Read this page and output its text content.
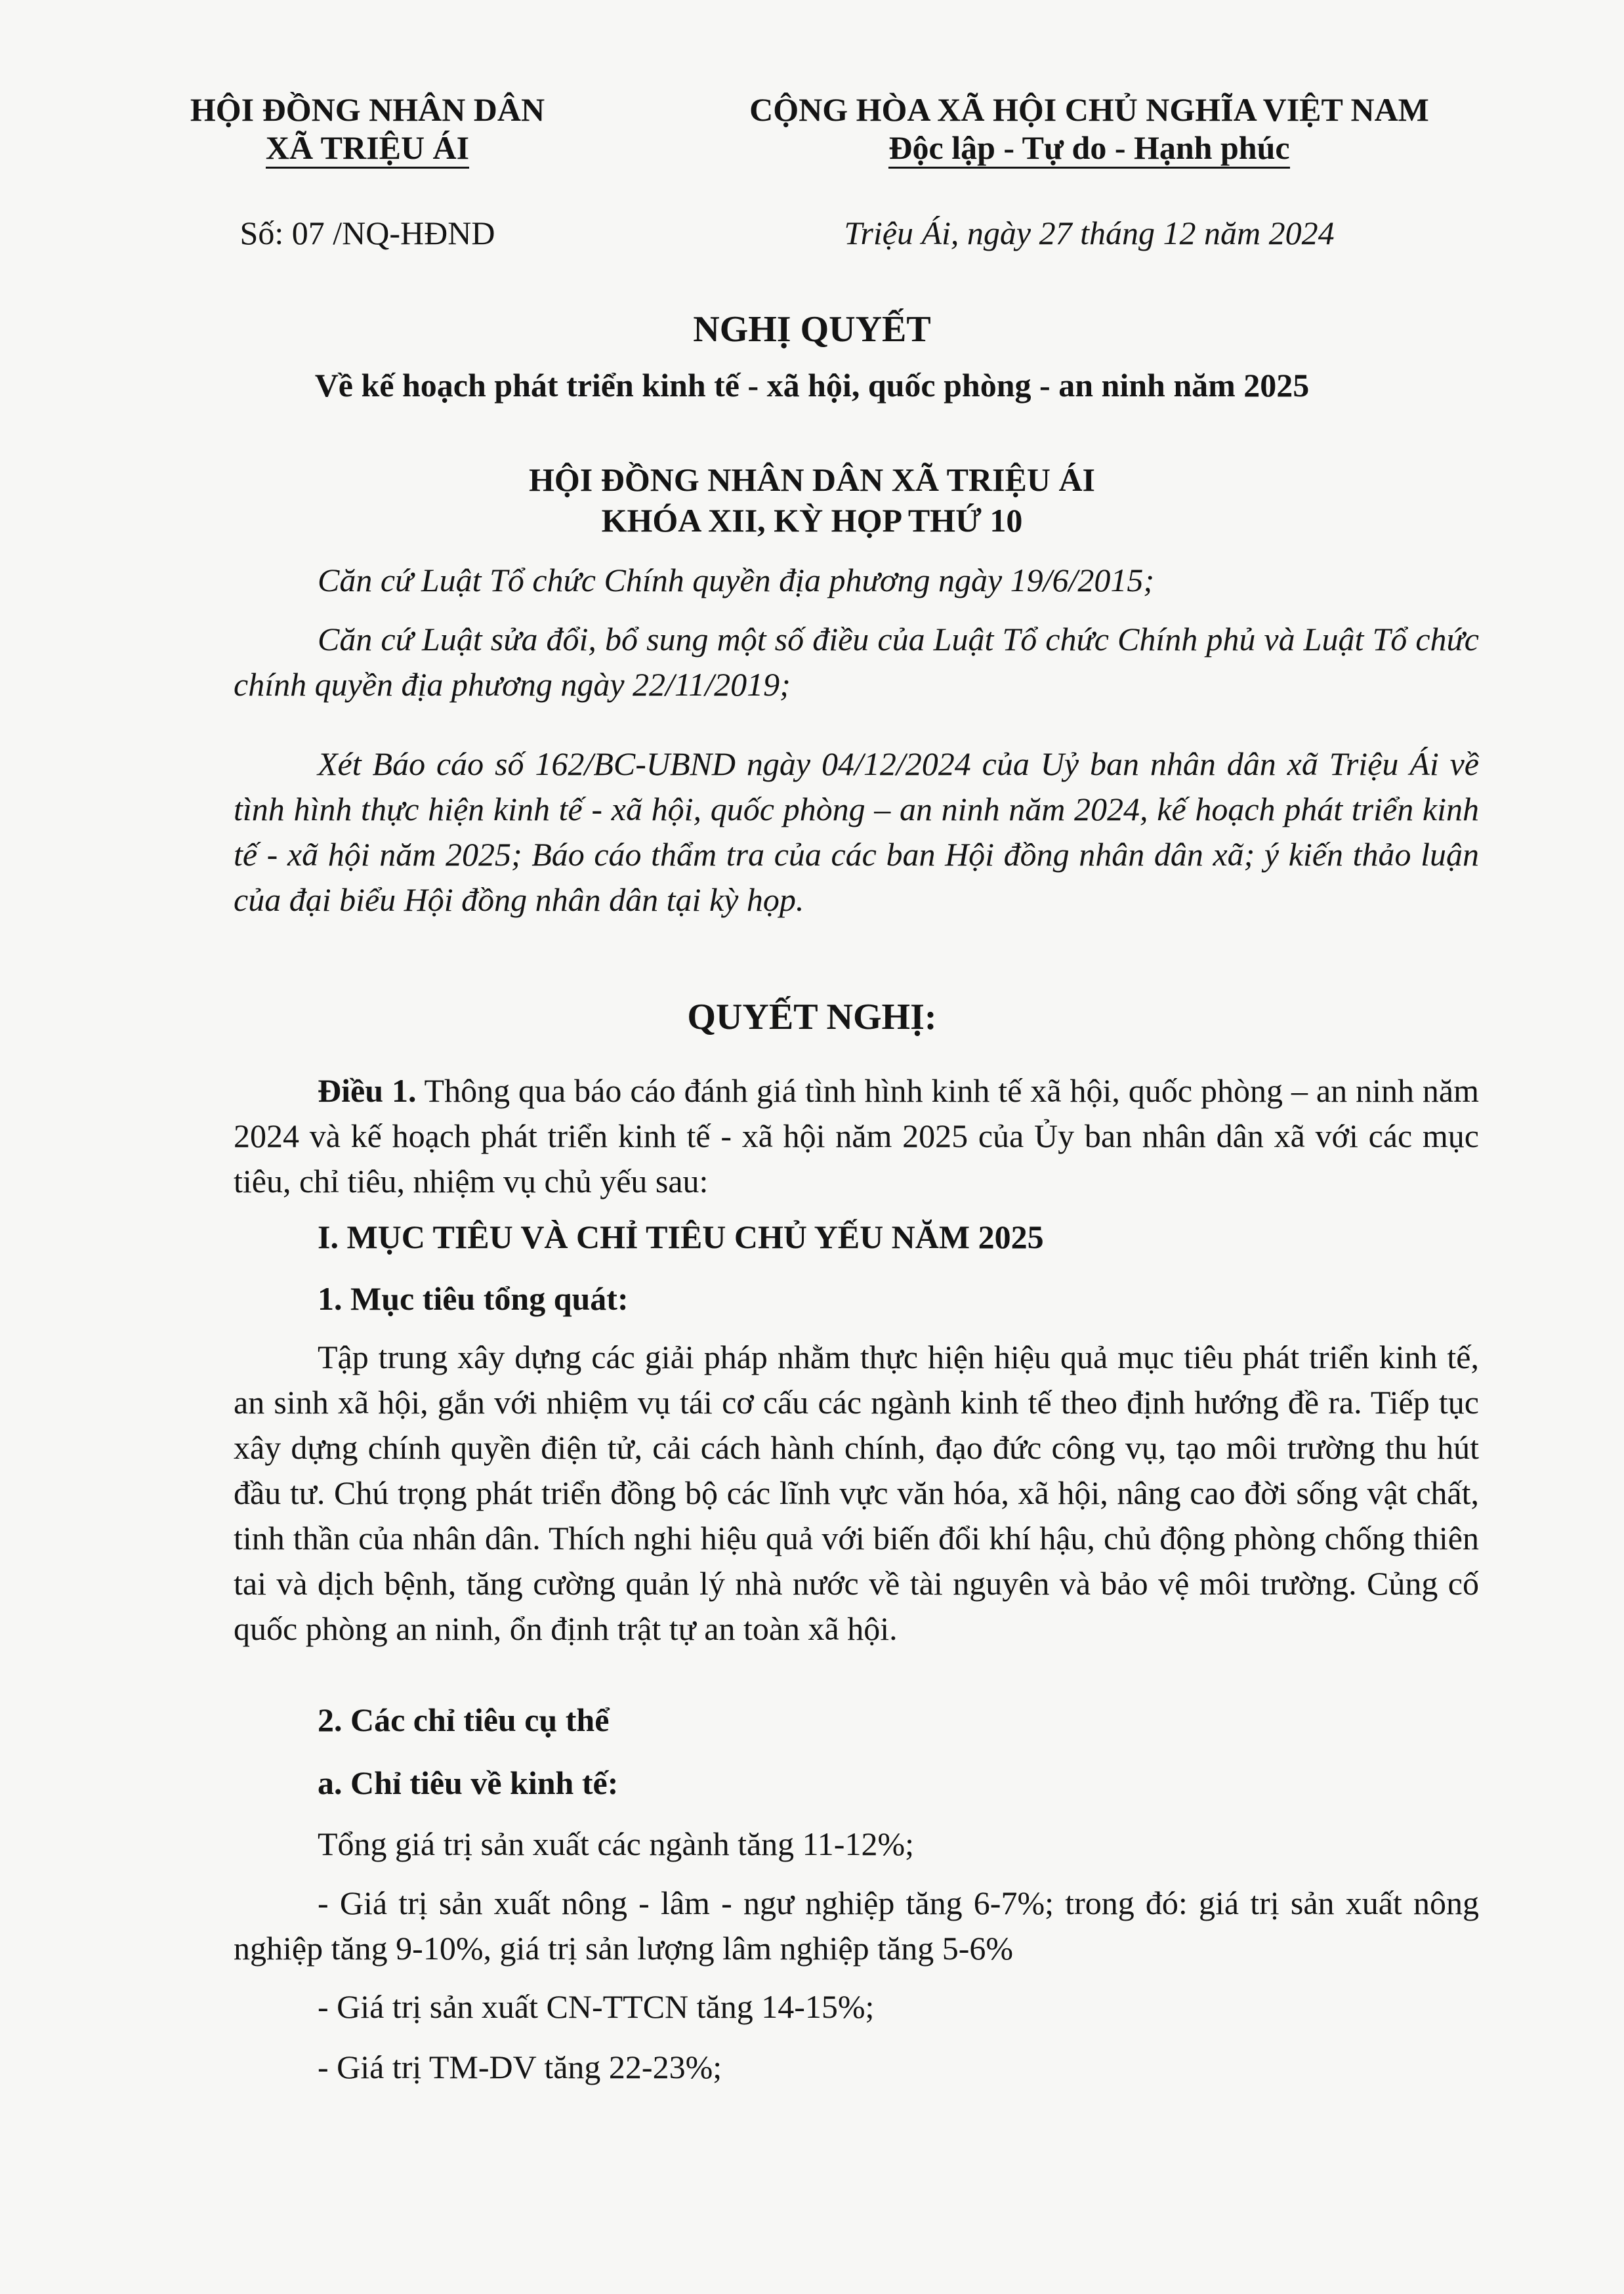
HỘI ĐỒNG NHÂN DÂN
XÃ TRIỆU ÁI
Số: 07 /NQ-HĐND
CỘNG HÒA XÃ HỘI CHỦ NGHĨA VIỆT NAM
Độc lập - Tự do - Hạnh phúc
Triệu Ái, ngày 27 tháng 12 năm 2024
NGHỊ QUYẾT
Về kế hoạch phát triển kinh tế - xã hội, quốc phòng - an ninh năm 2025
HỘI ĐỒNG NHÂN DÂN XÃ TRIỆU ÁI
KHÓA XII, KỲ HỌP THỨ 10
Căn cứ Luật Tổ chức Chính quyền địa phương ngày 19/6/2015;
Căn cứ Luật sửa đổi, bổ sung một số điều của Luật Tổ chức Chính phủ và Luật Tổ chức chính quyền địa phương ngày 22/11/2019;
Xét Báo cáo số 162/BC-UBND ngày 04/12/2024 của Uỷ ban nhân dân xã Triệu Ái về tình hình thực hiện kinh tế - xã hội, quốc phòng – an ninh năm 2024, kế hoạch phát triển kinh tế - xã hội năm 2025; Báo cáo thẩm tra của các ban Hội đồng nhân dân xã; ý kiến thảo luận của đại biểu Hội đồng nhân dân tại kỳ họp.
QUYẾT NGHỊ:
Điều 1. Thông qua báo cáo đánh giá tình hình kinh tế xã hội, quốc phòng – an ninh năm 2024 và kế hoạch phát triển kinh tế - xã hội năm 2025 của Ủy ban nhân dân xã với các mục tiêu, chỉ tiêu, nhiệm vụ chủ yếu sau:
I. MỤC TIÊU VÀ CHỈ TIÊU CHỦ YẾU NĂM 2025
1. Mục tiêu tổng quát:
Tập trung xây dựng các giải pháp nhằm thực hiện hiệu quả mục tiêu phát triển kinh tế, an sinh xã hội, gắn với nhiệm vụ tái cơ cấu các ngành kinh tế theo định hướng đề ra. Tiếp tục xây dựng chính quyền điện tử, cải cách hành chính, đạo đức công vụ, tạo môi trường thu hút đầu tư. Chú trọng phát triển đồng bộ các lĩnh vực văn hóa, xã hội, nâng cao đời sống vật chất, tinh thần của nhân dân. Thích nghi hiệu quả với biến đổi khí hậu, chủ động phòng chống thiên tai và dịch bệnh, tăng cường quản lý nhà nước về tài nguyên và bảo vệ môi trường. Củng cố quốc phòng an ninh, ổn định trật tự an toàn xã hội.
2. Các chỉ tiêu cụ thể
a. Chỉ tiêu về kinh tế:
Tổng giá trị sản xuất các ngành tăng 11-12%;
- Giá trị sản xuất nông - lâm - ngư nghiệp tăng 6-7%; trong đó: giá trị sản xuất nông nghiệp tăng 9-10%, giá trị sản lượng lâm nghiệp tăng 5-6%
- Giá trị sản xuất CN-TTCN tăng 14-15%;
- Giá trị TM-DV tăng 22-23%;
